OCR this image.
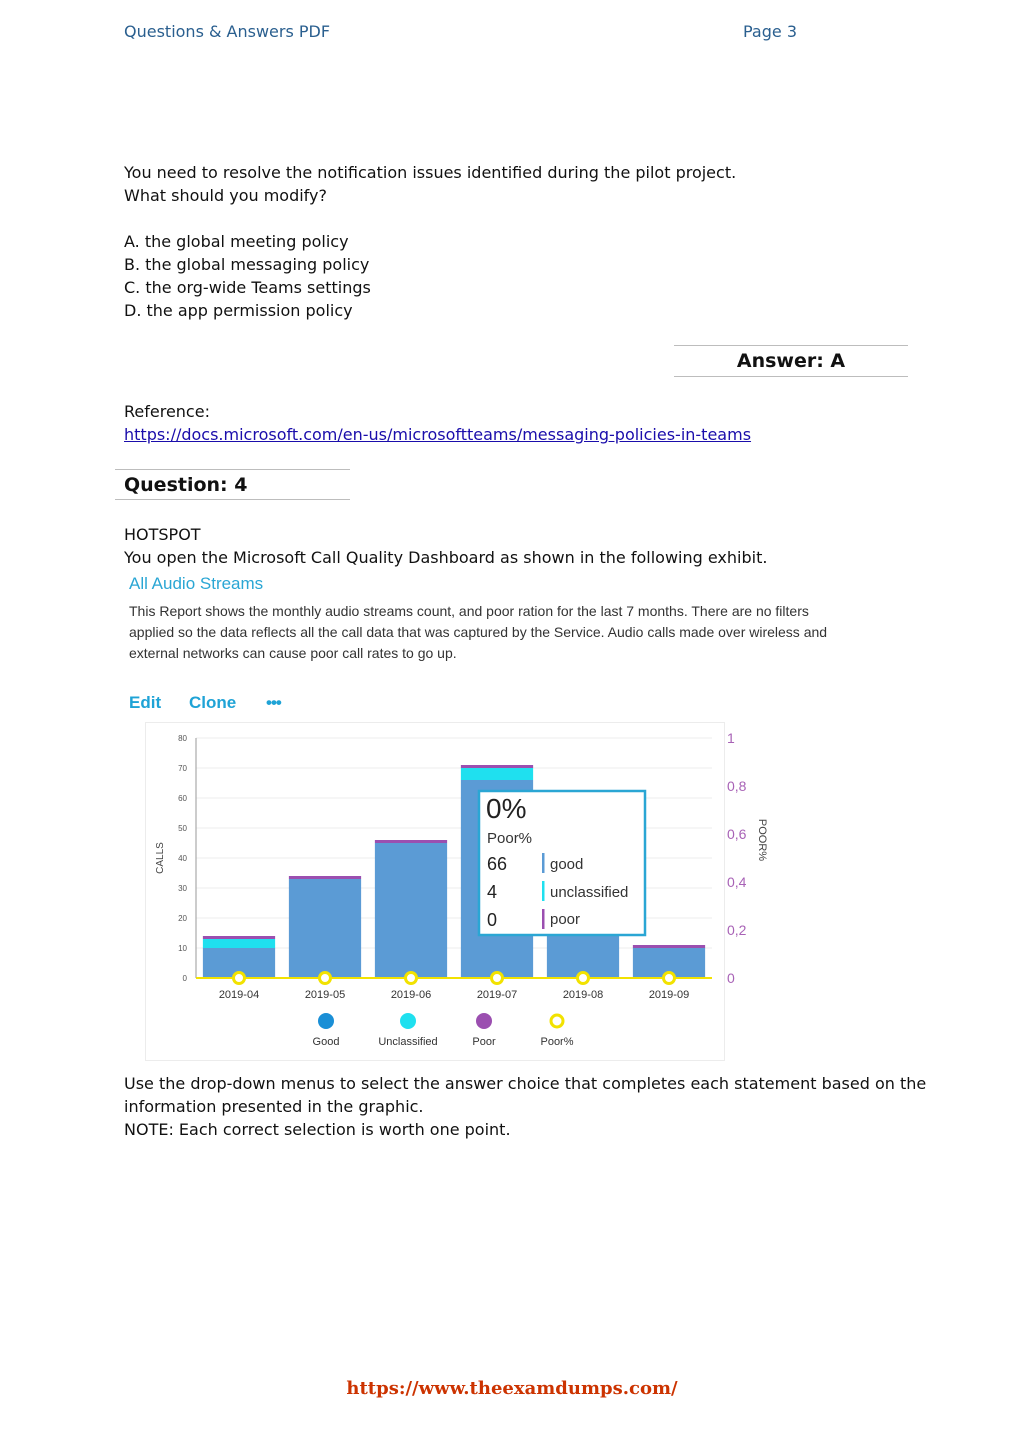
Questions & Answers PDF	Page 3
You need to resolve the notification issues identified during the pilot project.
What should you modify?
A. the global meeting policy
B. the global messaging policy
C. the org-wide Teams settings
D. the app permission policy
Answer: A
Reference:
https://docs.microsoft.com/en-us/microsoftteams/messaging-policies-in-teams
Question: 4
HOTSPOT
You open the Microsoft Call Quality Dashboard as shown in the following exhibit.
All Audio Streams
This Report shows the monthly audio streams count, and poor ration for the last 7 months. There are no filters
applied so the data reflects all the call data that was captured by the Service. Audio calls made over wireless and
external networks can cause poor call rates to go up.
Edit Clone •••
0
10
20
30
40
50
60
70
80
0
0,2
0,4
0,6
0,8
1
CALLS	POOR%
2019-04	2019-05	2019-06	2019-07	2019-08	2019-09
Good	Unclassified	Poor	Poor%
0%
Poor%
66	good
4	unclassified
0	poor
Use the drop-down menus to select the answer choice that completes each statement based on the
information presented in the graphic.
NOTE: Each correct selection is worth one point.
https://www.theexamdumps.com/
